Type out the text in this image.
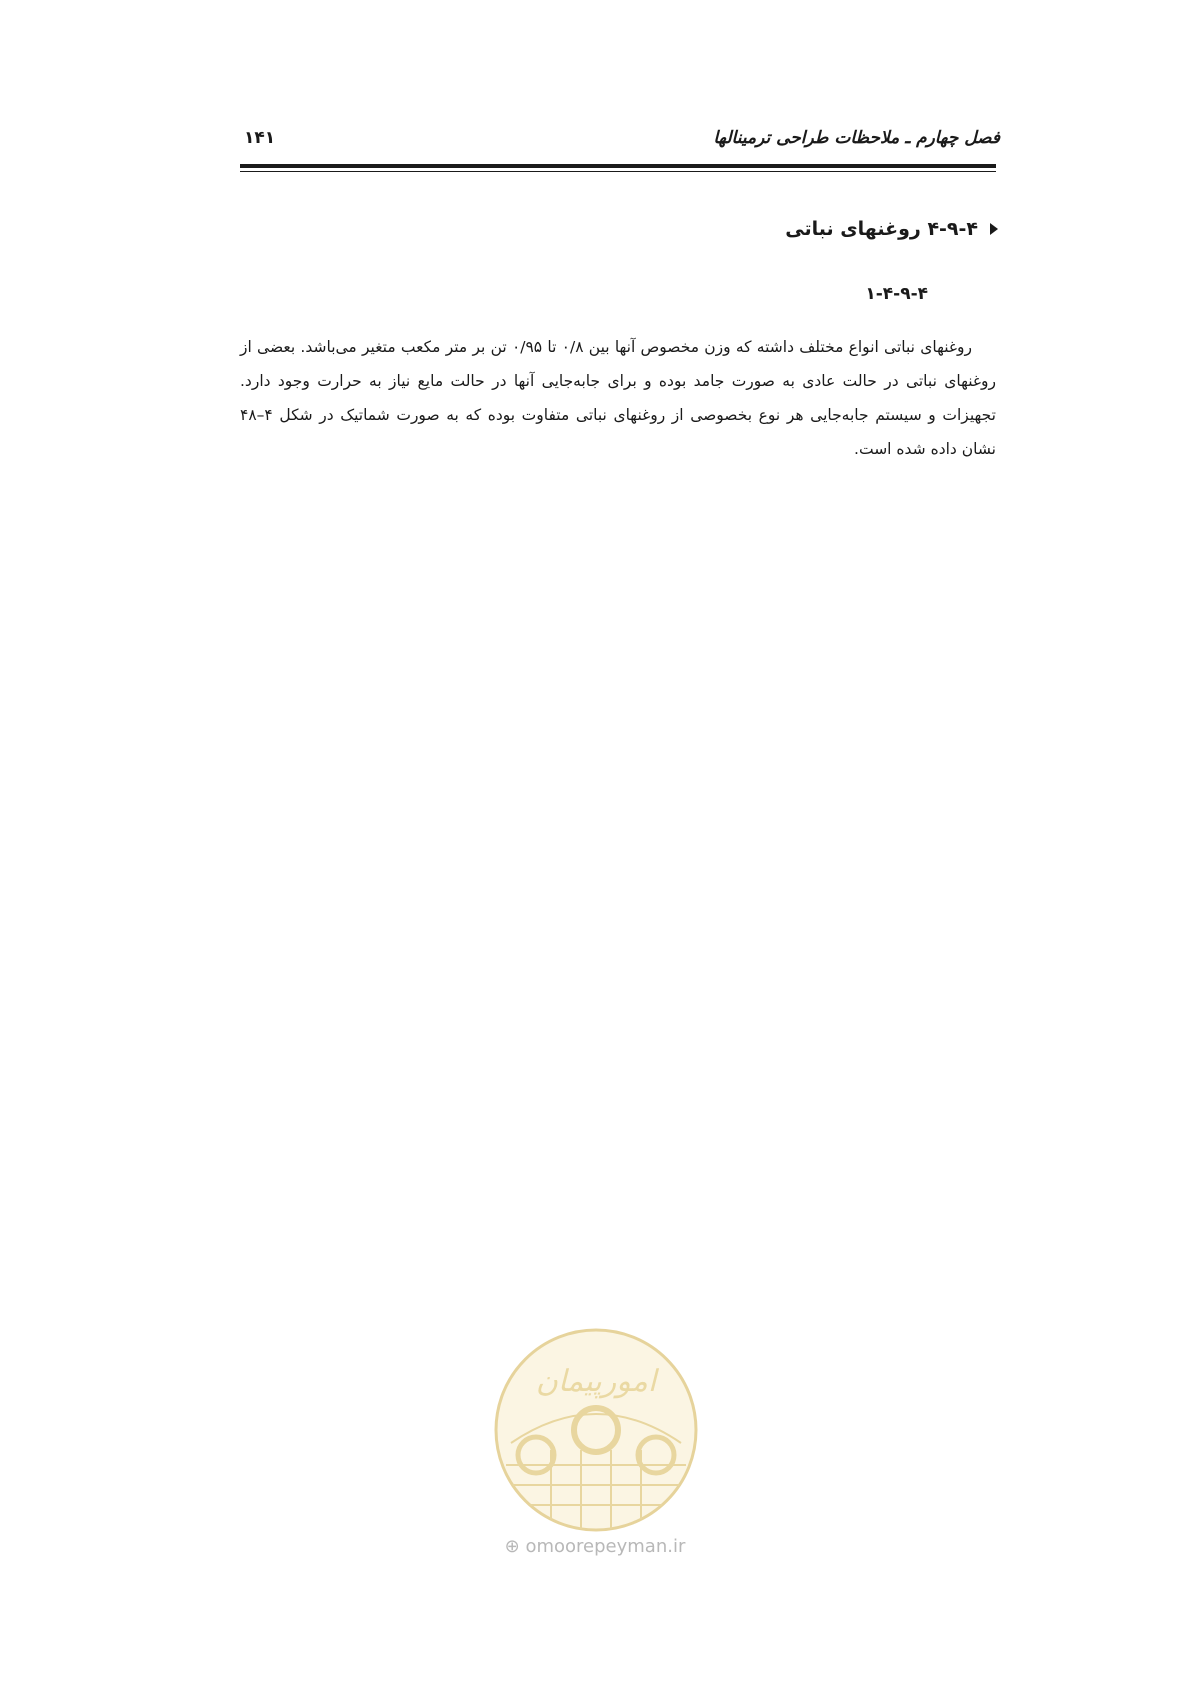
فصل چهارم ـ ملاحظات طراحی ترمینالها
۱۴۱
۴-۹-۴ روغنهای نباتی
۱-۴-۹-۴

روغنهای نباتی انواع مختلف داشته که وزن مخصوص آنها بین ۰/۸ تا ۰/۹۵ تن بر متر مکعب متغیر می‌باشد. بعضی از روغنهای نباتی در حالت عادی به صورت جامد بوده و برای جابه‌جایی آنها در حالت مایع نیاز به حرارت وجود دارد. تجهیزات و سیستم جابه‌جایی هر نوع بخصوصی از روغنهای نباتی متفاوت بوده که به صورت شماتیک در شکل ۴–۴۸ نشان داده شده است.

امورپیمان
⊕ omoorepeyman.ir
